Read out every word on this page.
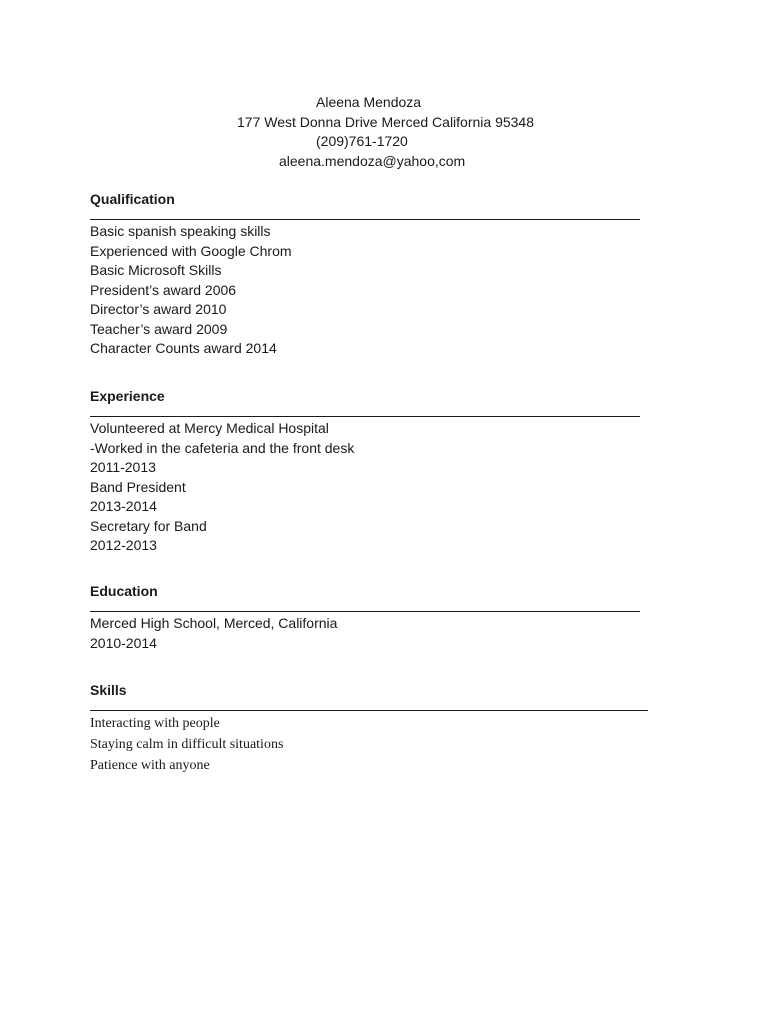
Aleena Mendoza
177 West Donna Drive Merced California 95348
(209)761-1720
aleena.mendoza@yahoo,com
Qualification
Basic spanish speaking skills
Experienced with Google Chrom
Basic Microsoft Skills
President’s award 2006
Director’s award 2010
Teacher’s award 2009
Character Counts award 2014
Experience
Volunteered at Mercy Medical Hospital
-Worked in the cafeteria and the front desk
2011-2013
Band President
2013-2014
Secretary for Band
2012-2013
Education
Merced High School, Merced, California
2010-2014
Skills
Interacting with people
Staying calm in difficult situations
Patience with anyone
